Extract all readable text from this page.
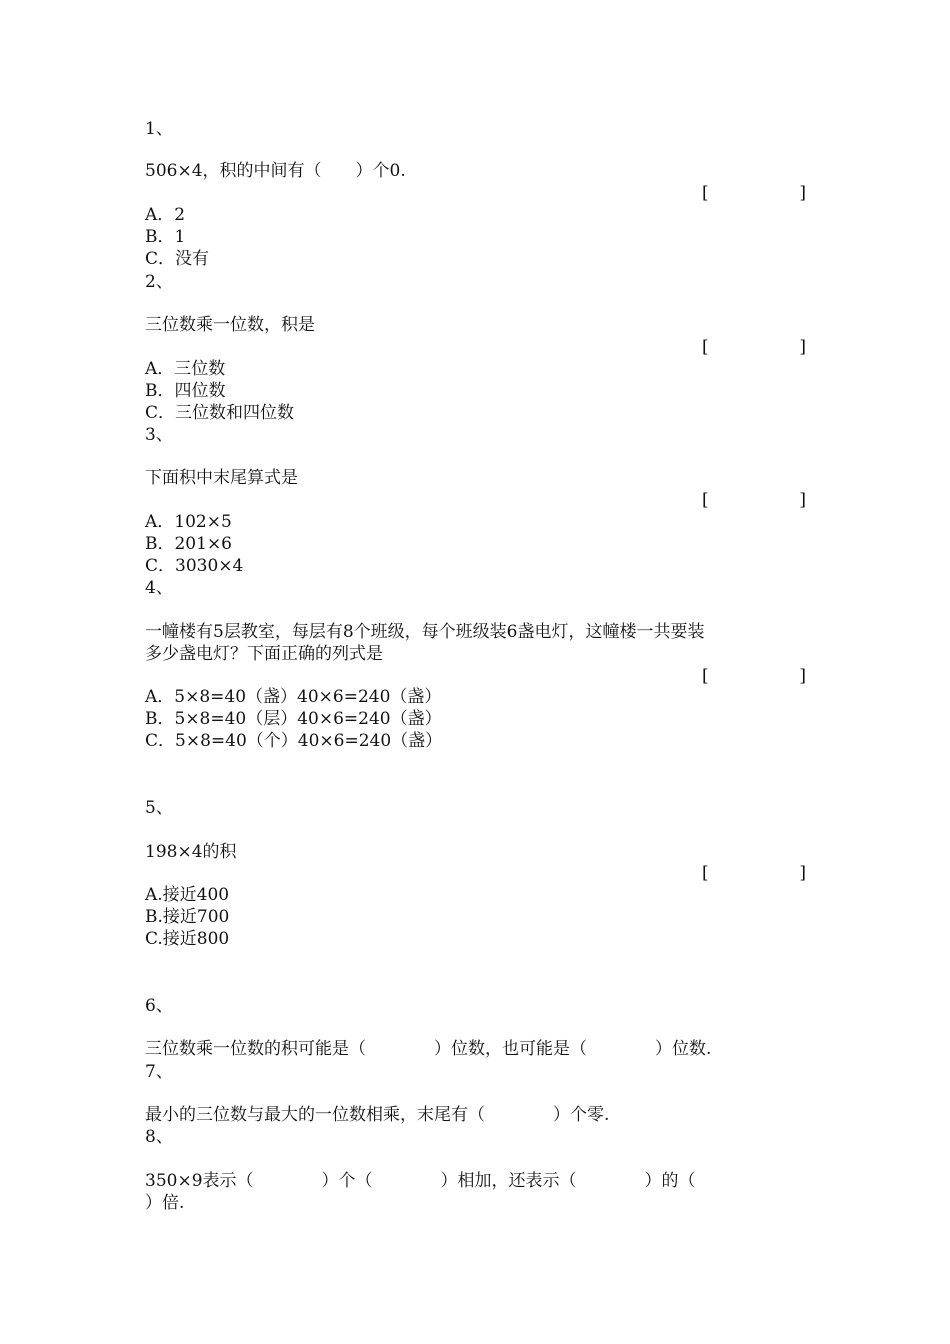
1、
506×4，积的中间有（　　）个0.
[	]
A．2
B．1
C．没有
2、
三位数乘一位数，积是
[	]
A．三位数
B．四位数
C．三位数和四位数
3、
下面积中末尾算式是
[	]
A．102×5
B．201×6
C．3030×4
4、
一幢楼有5层教室，每层有8个班级，每个班级装6盏电灯，这幢楼一共要装
多少盏电灯？下面正确的列式是
[	]
A．5×8=40（盏）40×6=240（盏）
B．5×8=40（层）40×6=240（盏）
C．5×8=40（个）40×6=240（盏）
5、
198×4的积
[	]
A.接近400
B.接近700
C.接近800
6、
三位数乘一位数的积可能是（　　　　）位数，也可能是（　　　　）位数.
7、
最小的三位数与最大的一位数相乘，末尾有（　　　　）个零.
8、
350×9表示（　　　　）个（　　　　）相加，还表示（　　　　）的（
）倍.
